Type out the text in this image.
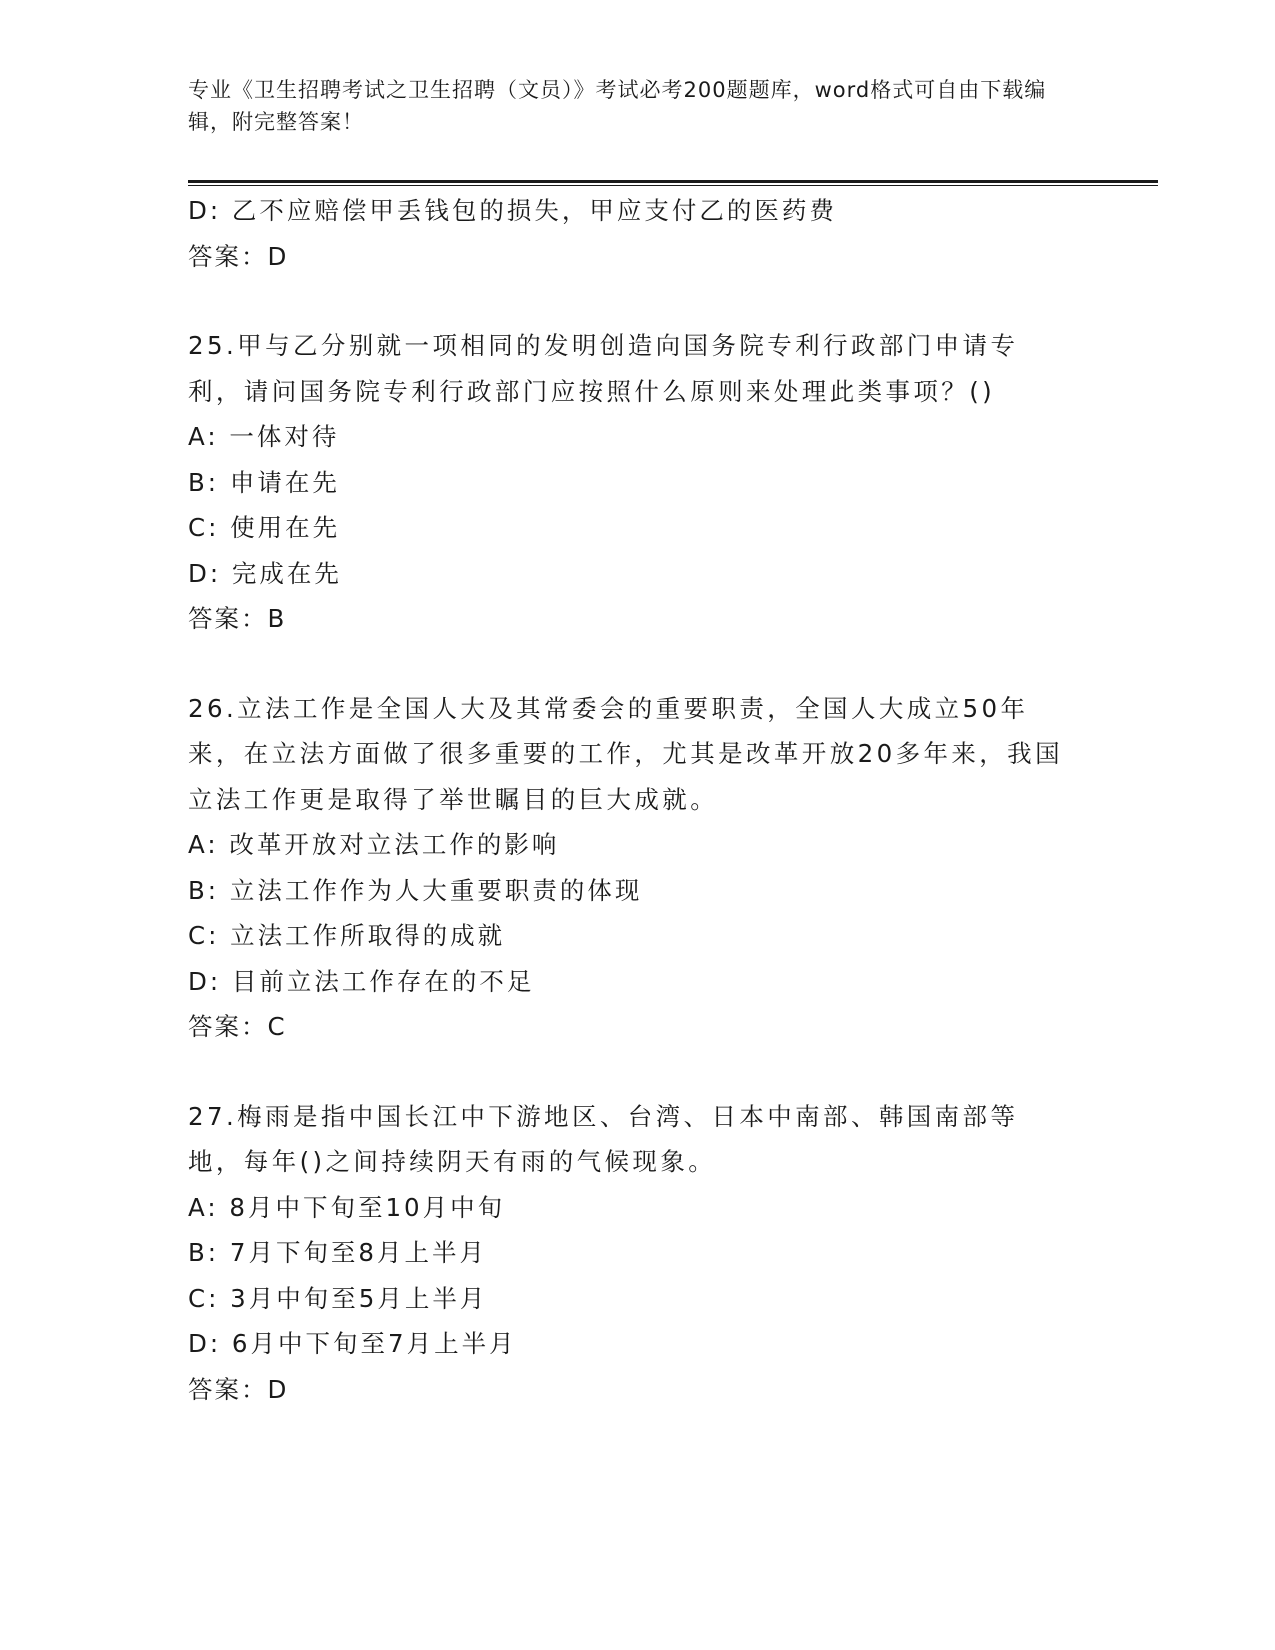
专业《卫生招聘考试之卫生招聘（文员）》考试必考200题题库，word格式可自由下载编辑，附完整答案！
D: 乙不应赔偿甲丢钱包的损失，甲应支付乙的医药费
答案：D
25.甲与乙分别就一项相同的发明创造向国务院专利行政部门申请专利，请问国务院专利行政部门应按照什么原则来处理此类事项？()
A: 一体对待
B: 申请在先
C: 使用在先
D: 完成在先
答案：B
26.立法工作是全国人大及其常委会的重要职责，全国人大成立50年来，在立法方面做了很多重要的工作，尤其是改革开放20多年来，我国立法工作更是取得了举世瞩目的巨大成就。
A: 改革开放对立法工作的影响
B: 立法工作作为人大重要职责的体现
C: 立法工作所取得的成就
D: 目前立法工作存在的不足
答案：C
27.梅雨是指中国长江中下游地区、台湾、日本中南部、韩国南部等地，每年()之间持续阴天有雨的气候现象。
A: 8月中下旬至10月中旬
B: 7月下旬至8月上半月
C: 3月中旬至5月上半月
D: 6月中下旬至7月上半月
答案：D
